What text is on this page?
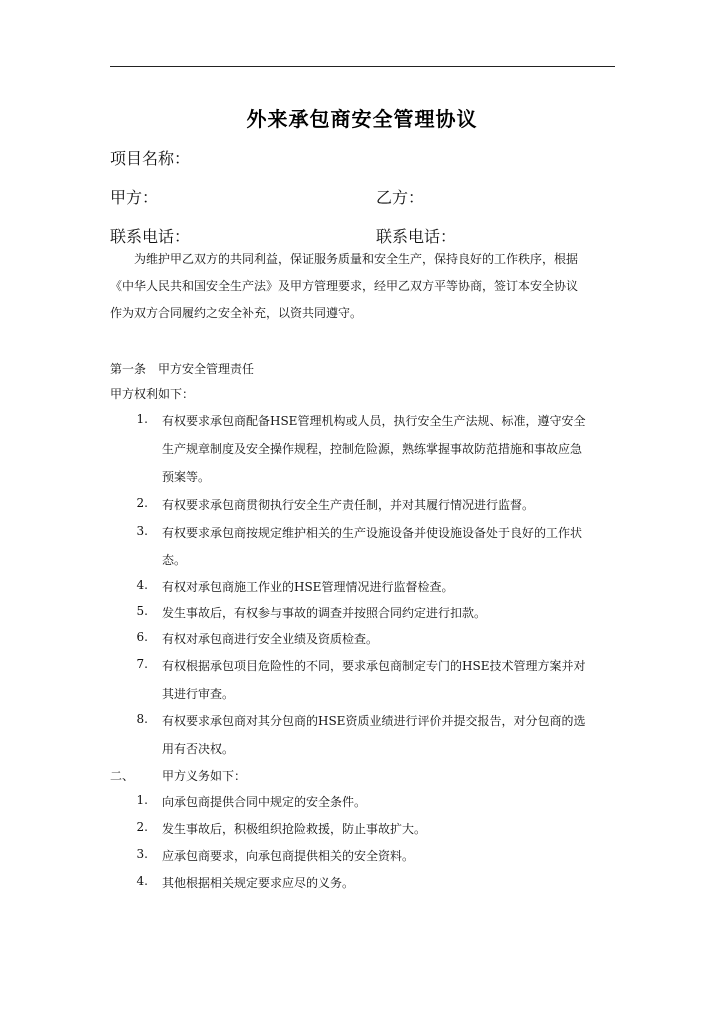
外来承包商安全管理协议
项目名称：
甲方：	乙方：
联系电话：	联系电话：

为维护甲乙双方的共同利益，保证服务质量和安全生产，保持良好的工作秩序，根据

《中华人民共和国安全生产法》及甲方管理要求，经甲乙双方平等协商，签订本安全协议

作为双方合同履约之安全补充，以资共同遵守。

第一条　甲方安全管理责任
甲方权利如下：
1. 有权要求承包商配备HSE管理机构或人员，执行安全生产法规、标准，遵守安全
生产规章制度及安全操作规程，控制危险源，熟练掌握事故防范措施和事故应急
预案等。
2. 有权要求承包商贯彻执行安全生产责任制，并对其履行情况进行监督。
3. 有权要求承包商按规定维护相关的生产设施设备并使设施设备处于良好的工作状
态。
4. 有权对承包商施工作业的HSE管理情况进行监督检查。
5. 发生事故后，有权参与事故的调查并按照合同约定进行扣款。
6. 有权对承包商进行安全业绩及资质检查。
7. 有权根据承包项目危险性的不同，要求承包商制定专门的HSE技术管理方案并对
其进行审查。
8. 有权要求承包商对其分包商的HSE资质业绩进行评价并提交报告，对分包商的选
用有否决权。
二、 甲方义务如下：
1. 向承包商提供合同中规定的安全条件。
2. 发生事故后，积极组织抢险救援，防止事故扩大。
3. 应承包商要求，向承包商提供相关的安全资料。
4. 其他根据相关规定要求应尽的义务。
